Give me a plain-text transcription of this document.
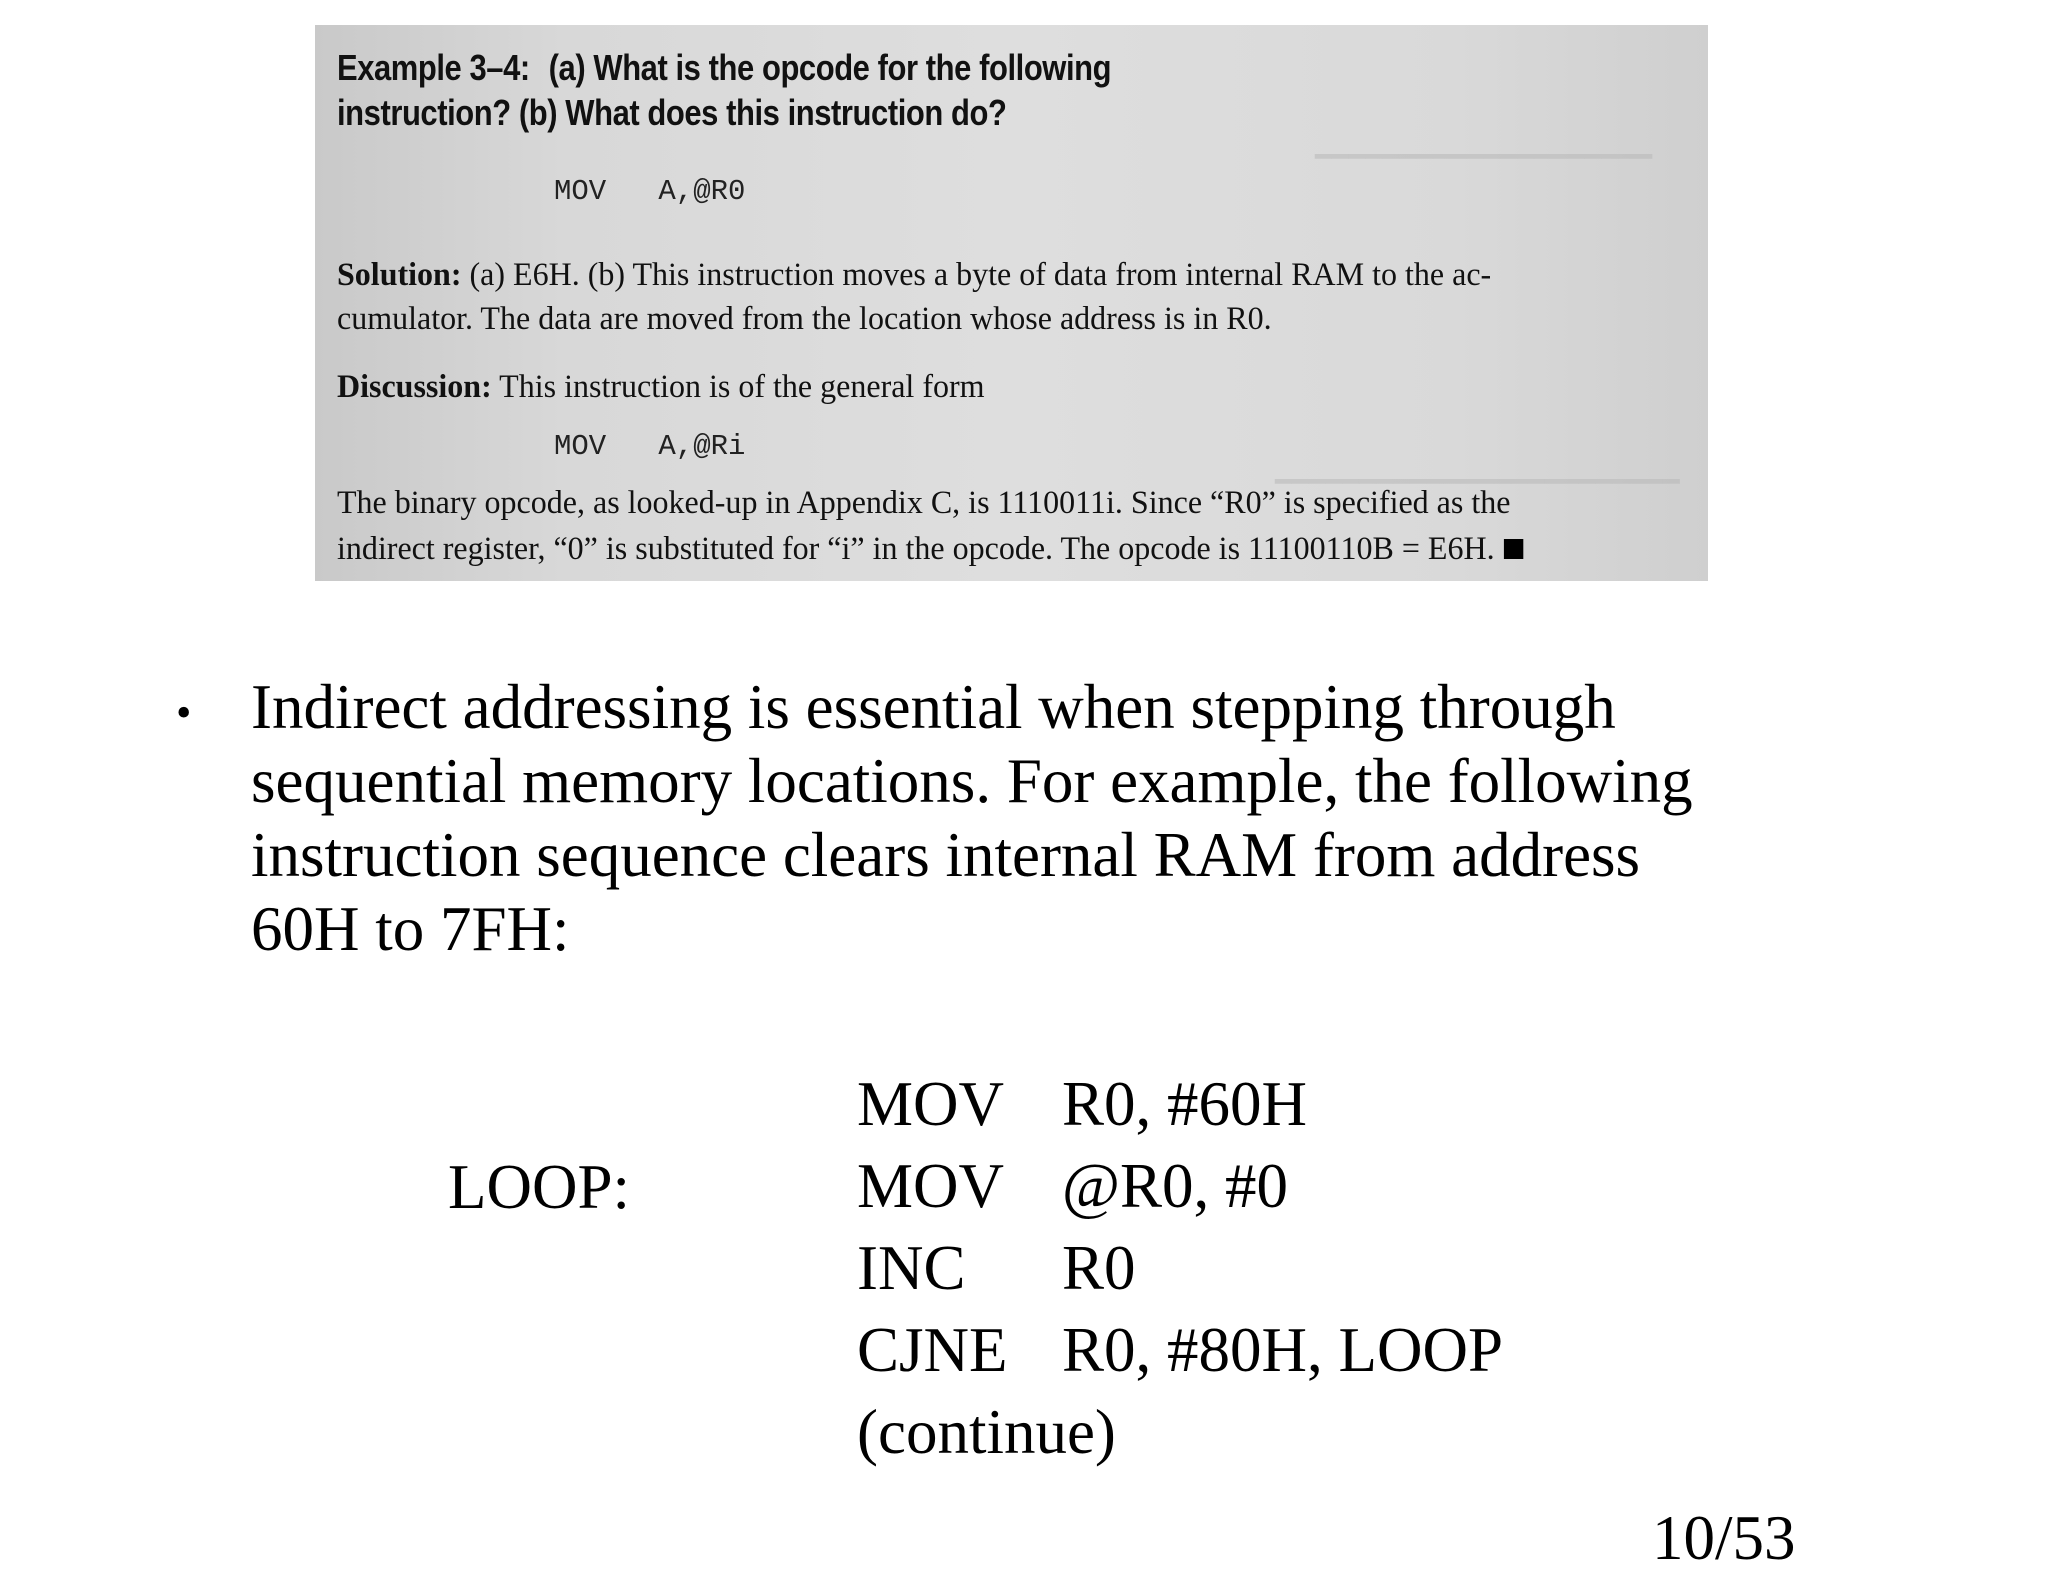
━━━━━━━━━━━━━━━━━━━━
━━━━━━━━━━━━━━━━━━━━━━━━
Example 3–4: (a) What is the opcode for the following
instruction? (b) What does this instruction do?
MOV   A,@R0
Solution: (a) E6H. (b) This instruction moves a byte of data from internal RAM to the ac-
cumulator. The data are moved from the location whose address is in R0.
Discussion: This instruction is of the general form
MOV   A,@Ri
The binary opcode, as looked-up in Appendix C, is 1110011i. Since “R0” is specified as the
indirect register, “0” is substituted for “i” in the opcode. The opcode is 11100110B = E6H.
• Indirect addressing is essential when stepping through
sequential memory locations. For example, the following
instruction sequence clears internal RAM from address
60H to 7FH:

LOOP:
MOV R0, #60H
MOV @R0, #0
INC	R0
CJNE R0, #80H, LOOP
(continue)
10/53
